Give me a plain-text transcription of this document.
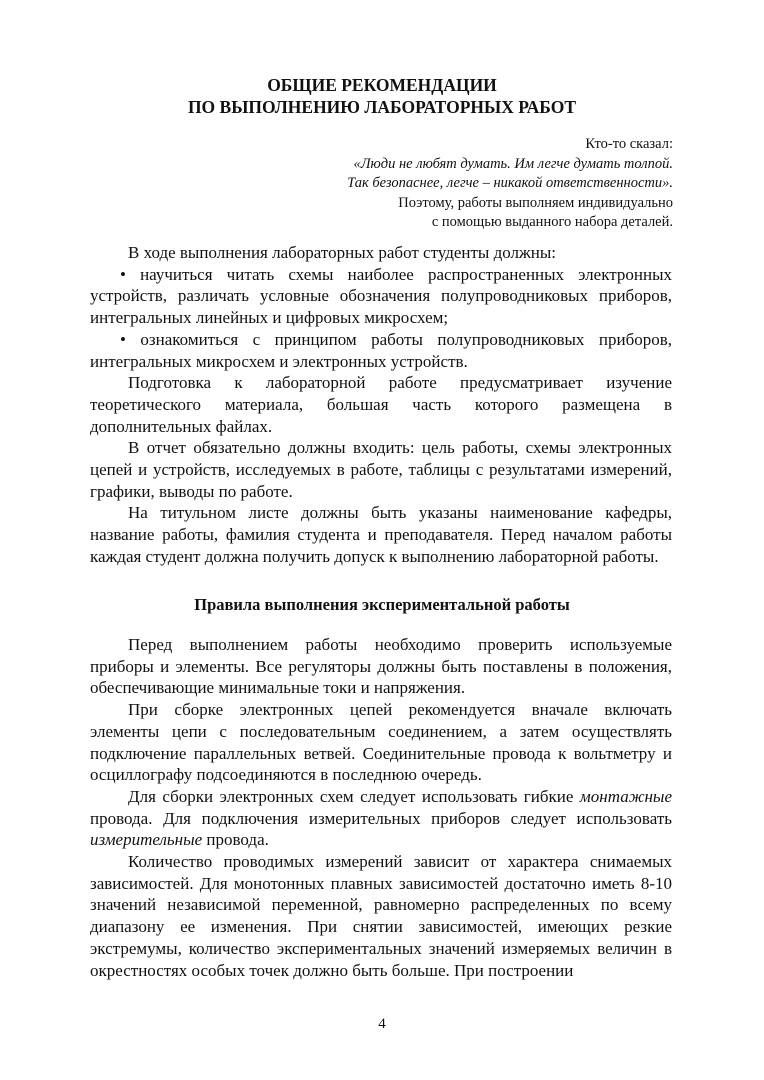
ОБЩИЕ РЕКОМЕНДАЦИИ
ПО ВЫПОЛНЕНИЮ ЛАБОРАТОРНЫХ РАБОТ
Кто-то сказал:
«Люди не любят думать. Им легче думать толпой.
Так безопаснее, легче – никакой ответственности».
Поэтому, работы выполняем индивидуально
с помощью выданного набора деталей.

В ходе выполнения лабораторных работ студенты должны:

• научиться читать схемы наиболее распространенных электронных устройств, различать условные обозначения полупроводниковых приборов, интегральных линейных и цифровых микросхем;

• ознакомиться с принципом работы полупроводниковых приборов, интегральных микросхем и электронных устройств.

Подготовка к лабораторной работе предусматривает изучение теоретического материала, большая часть которого размещена в дополнительных файлах.

В отчет обязательно должны входить: цель работы, схемы электронных цепей и устройств, исследуемых в работе, таблицы с результатами измерений, графики, выводы по работе.

На титульном листе должны быть указаны наименование кафедры, название работы, фамилия студента и преподавателя. Перед началом работы каждая студент должна получить допуск к выполнению лабораторной работы.

Правила выполнения экспериментальной работы

Перед выполнением работы необходимо проверить используемые приборы и элементы. Все регуляторы должны быть поставлены в положения, обеспечивающие минимальные токи и напряжения.

При сборке электронных цепей рекомендуется вначале включать элементы цепи с последовательным соединением, а затем осуществлять подключение параллельных ветвей. Соединительные провода к вольтметру и осциллографу подсоединяются в последнюю очередь.

Для сборки электронных схем следует использовать гибкие монтажные провода. Для подключения измерительных приборов следует использовать измерительные провода.

Количество проводимых измерений зависит от характера снимаемых зависимостей. Для монотонных плавных зависимостей достаточно иметь 8-10 значений независимой переменной, равномерно распределенных по всему диапазону ее изменения. При снятии зависимостей, имеющих резкие экстремумы, количество экспериментальных значений измеряемых величин в окрестностях особых точек должно быть больше. При построении

4
